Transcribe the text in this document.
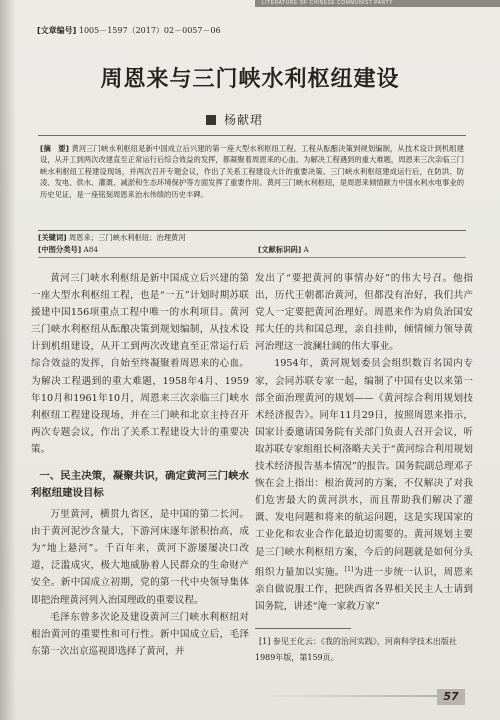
LITERATURE OF CHINESE COMMUNIST PARTY
[文章编号] 1005－1597（2017）02－0057－06
周恩来与三门峡水利枢纽建设
杨献珺
[摘　要] 黄河三门峡水利枢纽是新中国成立后兴建的第一座大型水利枢纽工程。工程从酝酿决策到规划编制，从技术设计到机组建设，从开工到两次改建直至正常运行后综合效益的发挥，都凝聚着周恩来的心血。为解决工程遇到的重大难题，周恩来三次亲临三门峡水利枢纽工程建设现场，并两次召开专题会议，作出了关系工程建设大计的重要决策。三门峡水利枢纽建成运行后，在防洪、防凌、发电、供水、灌溉、减淤和生态环境保护等方面发挥了重要作用。黄河三门峡水利枢纽，是周恩来倾情献力中国水利水电事业的历史见证，是一座铭刻周恩来治水伟绩的历史丰碑。
[关键词] 周恩来；三门峡水利枢纽；治理黄河
[中图分类号] A84	[文献标识码] A

黄河三门峡水利枢纽是新中国成立后兴建的第一座大型水利枢纽工程，也是“一五”计划时期苏联援建中国156项重点工程中唯一的水利项目。黄河三门峡水利枢纽从酝酿决策到规划编制，从技术设计到机组建设，从开工到两次改建直至正常运行后综合效益的发挥，自始至终凝聚着周恩来的心血。为解决工程遇到的重大难题，1958年4月、1959年10月和1961年10月，周恩来三次亲临三门峡水利枢纽工程建设现场，并在三门峡和北京主持召开两次专题会议，作出了关系工程建设大计的重要决策。

一、民主决策，凝聚共识，确定黄河三门峡水利枢纽建设目标

万里黄河，横贯九省区，是中国的第二长河。由于黄河泥沙含量大，下游河床逐年淤积抬高，成为“地上悬河”。千百年来，黄河下游屡屡决口改道，泛滥成灾，极大地威胁着人民群众的生命财产安全。新中国成立初期，党的第一代中央领导集体即把治理黄河列入治国理政的重要议程。

毛泽东曾多次论及建设黄河三门峡水利枢纽对根治黄河的重要性和可行性。新中国成立后，毛泽东第一次出京巡视即选择了黄河，并

发出了“要把黄河的事情办好”的伟大号召。他指出，历代王朝都治黄河，但都没有治好，我们共产党人一定要把黄河治理好。周恩来作为肩负治国安邦大任的共和国总理，亲自挂帅，倾情倾力领导黄河治理这一波澜壮阔的伟大事业。

1954年，黄河规划委员会组织数百名国内专家，会同苏联专家一起，编制了中国有史以来第一部全面治理黄河的规划——《黄河综合利用规划技术经济报告》。同年11月29日，按照周恩来指示，国家计委邀请国务院有关部门负责人召开会议，听取苏联专家组组长柯洛略夫关于“黄河综合利用规划技术经济报告基本情况”的报告。国务院副总理邓子恢在会上指出：根治黄河的方案，不仅解决了对我们危害最大的黄河洪水，而且帮助我们解决了灌溉、发电问题和将来的航运问题，这是实现国家的工业化和农业合作化最迫切需要的。黄河规划主要是三门峡水利枢纽方案，今后的问题就是如何分头组织力量加以实施。[1]为进一步统一认识，周恩来亲自做说服工作，把陕西省各界相关民主人士请到国务院，讲述“淹一家救万家”

[1] 参见王化云：《我的治河实践》，河南科学技术出版社1989年版，第159页。
57
